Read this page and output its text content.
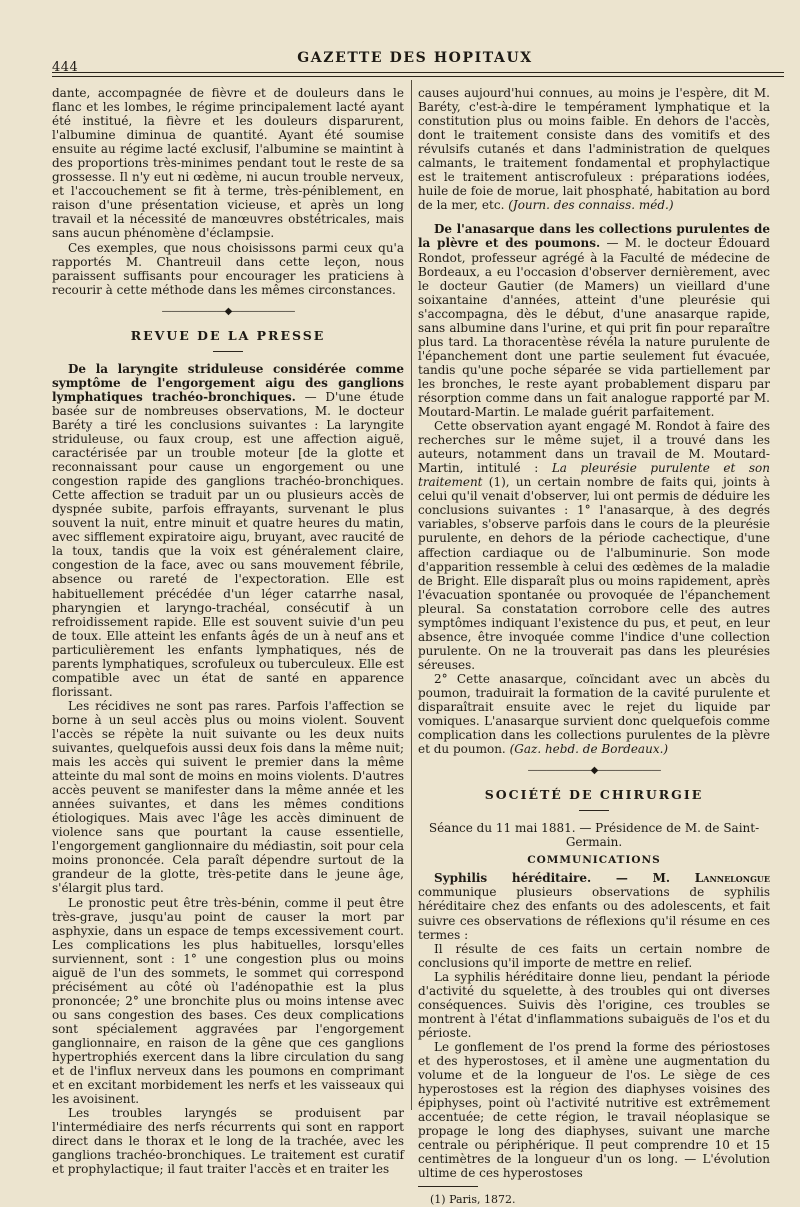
444
GAZETTE DES HOPITAUX

dante, accompagnée de fièvre et de douleurs dans le flanc et les lombes, le régime principalement lacté ayant été institué, la fièvre et les douleurs disparurent, l'albumine diminua de quantité. Ayant été soumise ensuite au régime lacté exclusif, l'albumine se maintint à des proportions très-minimes pendant tout le reste de sa grossesse. Il n'y eut ni œdème, ni aucun trouble nerveux, et l'accouchement se fit à terme, très-péniblement, en raison d'une présentation vicieuse, et après un long travail et la nécessité de manœuvres obstétricales, mais sans aucun phénomène d'éclampsie.

Ces exemples, que nous choisissons parmi ceux qu'a rapportés M. Chantreuil dans cette leçon, nous paraissent suffisants pour encourager les praticiens à recourir à cette méthode dans les mêmes circonstances.

———————◆———————
REVUE DE LA PRESSE

De la laryngite striduleuse considérée comme symptôme de l'engorgement aigu des ganglions lymphatiques trachéo-bronchiques. — D'une étude basée sur de nombreuses observations, M. le docteur Baréty a tiré les conclusions suivantes : La laryngite striduleuse, ou faux croup, est une affection aiguë, caractérisée par un trouble moteur [de la glotte et reconnaissant pour cause un engorgement ou une congestion rapide des ganglions trachéo-bronchiques. Cette affection se traduit par un ou plusieurs accès de dyspnée subite, parfois effrayants, survenant le plus souvent la nuit, entre minuit et quatre heures du matin, avec sifflement expiratoire aigu, bruyant, avec raucité de la toux, tandis que la voix est généralement claire, congestion de la face, avec ou sans mouvement fébrile, absence ou rareté de l'expectoration. Elle est habituellement précédée d'un léger catarrhe nasal, pharyngien et laryngo-trachéal, consécutif à un refroidissement rapide. Elle est souvent suivie d'un peu de toux. Elle atteint les enfants âgés de un à neuf ans et particulièrement les enfants lymphatiques, nés de parents lymphatiques, scrofuleux ou tuberculeux. Elle est compatible avec un état de santé en apparence florissant.

Les récidives ne sont pas rares. Parfois l'affection se borne à un seul accès plus ou moins violent. Souvent l'accès se répète la nuit suivante ou les deux nuits suivantes, quelquefois aussi deux fois dans la même nuit; mais les accès qui suivent le premier dans la même atteinte du mal sont de moins en moins violents. D'autres accès peuvent se manifester dans la même année et les années suivantes, et dans les mêmes conditions étiologiques. Mais avec l'âge les accès diminuent de violence sans que pourtant la cause essentielle, l'engorgement ganglionnaire du médiastin, soit pour cela moins prononcée. Cela paraît dépendre surtout de la grandeur de la glotte, très-petite dans le jeune âge, s'élargit plus tard.

Le pronostic peut être très-bénin, comme il peut être très-grave, jusqu'au point de causer la mort par asphyxie, dans un espace de temps excessivement court. Les complications les plus habituelles, lorsqu'elles surviennent, sont : 1° une congestion plus ou moins aiguë de l'un des sommets, le sommet qui correspond précisément au côté où l'adénopathie est la plus prononcée; 2° une bronchite plus ou moins intense avec ou sans congestion des bases. Ces deux complications sont spécialement aggravées par l'engorgement ganglionnaire, en raison de la gêne que ces ganglions hypertrophiés exercent dans la libre circulation du sang et de l'influx nerveux dans les poumons en comprimant et en excitant morbidement les nerfs et les vaisseaux qui les avoisinent.

Les troubles laryngés se produisent par l'intermédiaire des nerfs récurrents qui sont en rapport direct dans le thorax et le long de la trachée, avec les ganglions trachéo-bronchiques. Le traitement est curatif et prophylactique; il faut traiter l'accès et en traiter les

causes aujourd'hui connues, au moins je l'espère, dit M. Baréty, c'est-à-dire le tempérament lymphatique et la constitution plus ou moins faible. En dehors de l'accès, dont le traitement consiste dans des vomitifs et des révulsifs cutanés et dans l'administration de quelques calmants, le traitement fondamental et prophylactique est le traitement antiscrofuleux : préparations iodées, huile de foie de morue, lait phosphaté, habitation au bord de la mer, etc. (Journ. des connaiss. méd.)

De l'anasarque dans les collections purulentes de la plèvre et des poumons. — M. le docteur Édouard Rondot, professeur agrégé à la Faculté de médecine de Bordeaux, a eu l'occasion d'observer dernièrement, avec le docteur Gautier (de Mamers) un vieillard d'une soixantaine d'années, atteint d'une pleurésie qui s'accompagna, dès le début, d'une anasarque rapide, sans albumine dans l'urine, et qui prit fin pour reparaître plus tard. La thoracentèse révéla la nature purulente de l'épanchement dont une partie seulement fut évacuée, tandis qu'une poche séparée se vida partiellement par les bronches, le reste ayant probablement disparu par résorption comme dans un fait analogue rapporté par M. Moutard-Martin. Le malade guérit parfaitement.

Cette observation ayant engagé M. Rondot à faire des recherches sur le même sujet, il a trouvé dans les auteurs, notamment dans un travail de M. Moutard-Martin, intitulé : La pleurésie purulente et son traitement (1), un certain nombre de faits qui, joints à celui qu'il venait d'observer, lui ont permis de déduire les conclusions suivantes : 1° l'anasarque, à des degrés variables, s'observe parfois dans le cours de la pleurésie purulente, en dehors de la période cachectique, d'une affection cardiaque ou de l'albuminurie. Son mode d'apparition ressemble à celui des œdèmes de la maladie de Bright. Elle disparaît plus ou moins rapidement, après l'évacuation spontanée ou provoquée de l'épanchement pleural. Sa constatation corrobore celle des autres symptômes indiquant l'existence du pus, et peut, en leur absence, être invoquée comme l'indice d'une collection purulente. On ne la trouverait pas dans les pleurésies séreuses.

2° Cette anasarque, coïncidant avec un abcès du poumon, traduirait la formation de la cavité purulente et disparaîtrait ensuite avec le rejet du liquide par vomiques. L'anasarque survient donc quelquefois comme complication dans les collections purulentes de la plèvre et du poumon. (Gaz. hebd. de Bordeaux.)

———————◆———————
SOCIÉTÉ DE CHIRURGIE

Séance du 11 mai 1881. — Présidence de M. de Saint-Germain.

COMMUNICATIONS

Syphilis héréditaire. — M. Lannelongue communique plusieurs observations de syphilis héréditaire chez des enfants ou des adolescents, et fait suivre ces observations de réflexions qu'il résume en ces termes :

Il résulte de ces faits un certain nombre de conclusions qu'il importe de mettre en relief.

La syphilis héréditaire donne lieu, pendant la période d'activité du squelette, à des troubles qui ont diverses conséquences. Suivis dès l'origine, ces troubles se montrent à l'état d'inflammations subaiguës de l'os et du périoste.

Le gonflement de l'os prend la forme des périostoses et des hyperostoses, et il amène une augmentation du volume et de la longueur de l'os. Le siège de ces hyperostoses est la région des diaphyses voisines des épiphyses, point où l'activité nutritive est extrêmement accentuée; de cette région, le travail néoplasique se propage le long des diaphyses, suivant une marche centrale ou périphérique. Il peut comprendre 10 et 15 centimètres de la longueur d'un os long. — L'évolution ultime de ces hyperostoses

(1) Paris, 1872.
